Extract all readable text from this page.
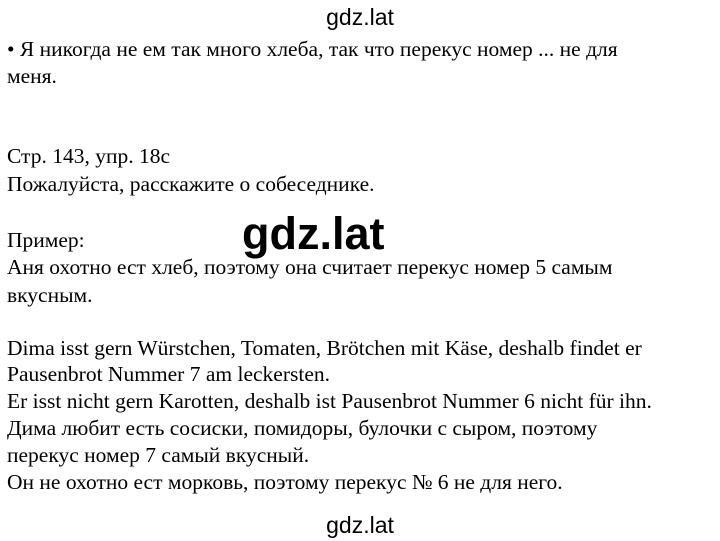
gdz.lat
• Я никогда не ем так много хлеба, так что перекус номер ... не для
меня.
Стр. 143, упр. 18с
Пожалуйста, расскажите о собеседнике.
Пример:
Аня охотно ест хлеб, поэтому она считает перекус номер 5 самым
вкусным.
Dima isst gern Würstchen, Tomaten, Brötchen mit Käse, deshalb findet er
Pausenbrot Nummer 7 am leckersten.
Er isst nicht gern Karotten, deshalb ist Pausenbrot Nummer 6 nicht für ihn.
Дима любит есть сосиски, помидоры, булочки с сыром, поэтому
перекус номер 7 самый вкусный.
Он не охотно ест морковь, поэтому перекус № 6 не для него.
gdz.lat
gdz.lat
